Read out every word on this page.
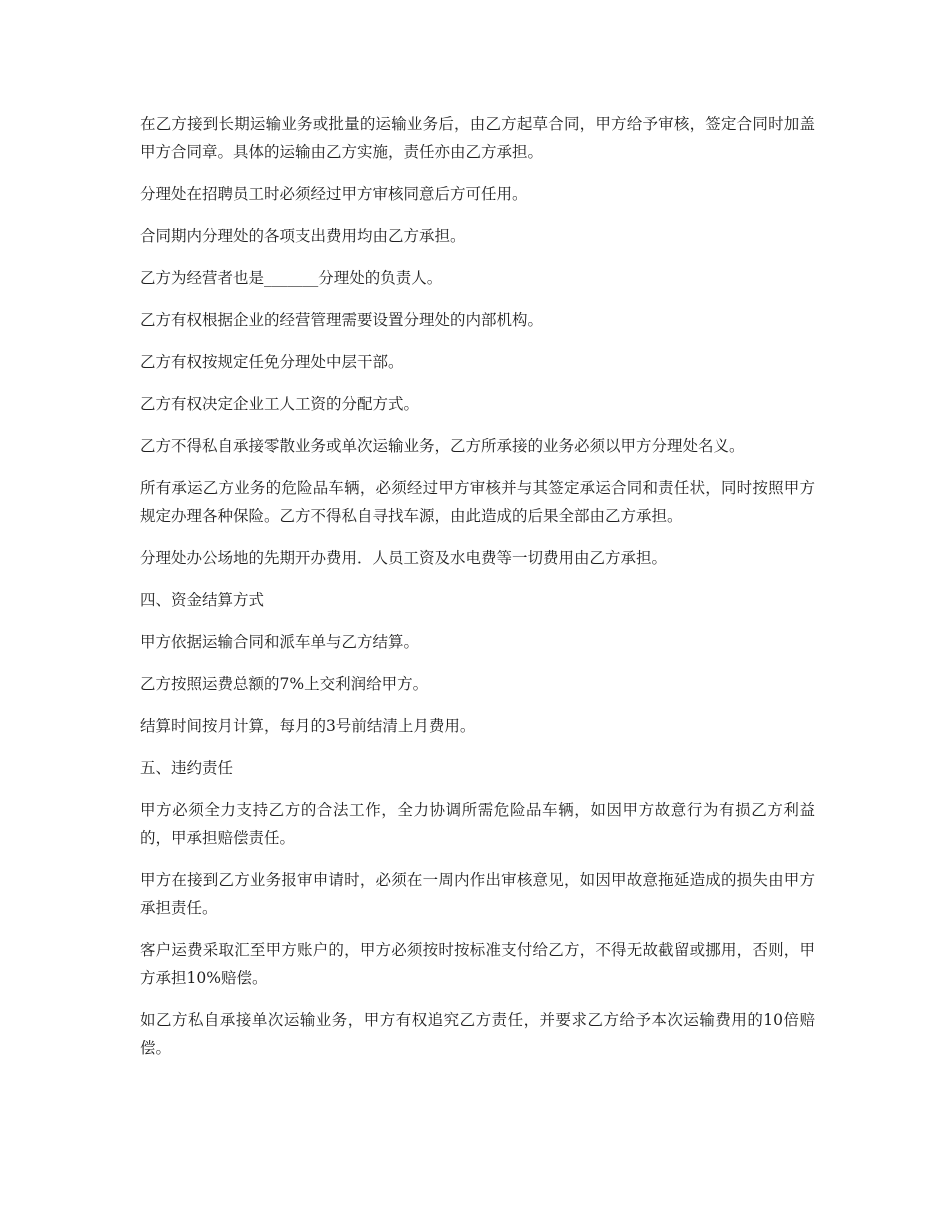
在乙方接到长期运输业务或批量的运输业务后，由乙方起草合同，甲方给予审核，签定合同时加盖甲方合同章。具体的运输由乙方实施，责任亦由乙方承担。

分理处在招聘员工时必须经过甲方审核同意后方可任用。

合同期内分理处的各项支出费用均由乙方承担。

乙方为经营者也是_______分理处的负责人。

乙方有权根据企业的经营管理需要设置分理处的内部机构。

乙方有权按规定任免分理处中层干部。

乙方有权决定企业工人工资的分配方式。

乙方不得私自承接零散业务或单次运输业务，乙方所承接的业务必须以甲方分理处名义。

所有承运乙方业务的危险品车辆，必须经过甲方审核并与其签定承运合同和责任状，同时按照甲方规定办理各种保险。乙方不得私自寻找车源，由此造成的后果全部由乙方承担。

分理处办公场地的先期开办费用．人员工资及水电费等一切费用由乙方承担。

四、资金结算方式

甲方依据运输合同和派车单与乙方结算。

乙方按照运费总额的7%上交利润给甲方。

结算时间按月计算，每月的3号前结清上月费用。

五、违约责任

甲方必须全力支持乙方的合法工作，全力协调所需危险品车辆，如因甲方故意行为有损乙方利益的，甲承担赔偿责任。

甲方在接到乙方业务报审申请时，必须在一周内作出审核意见，如因甲故意拖延造成的损失由甲方承担责任。

客户运费采取汇至甲方账户的，甲方必须按时按标准支付给乙方，不得无故截留或挪用，否则，甲方承担10%赔偿。

如乙方私自承接单次运输业务，甲方有权追究乙方责任，并要求乙方给予本次运输费用的10倍赔偿。
